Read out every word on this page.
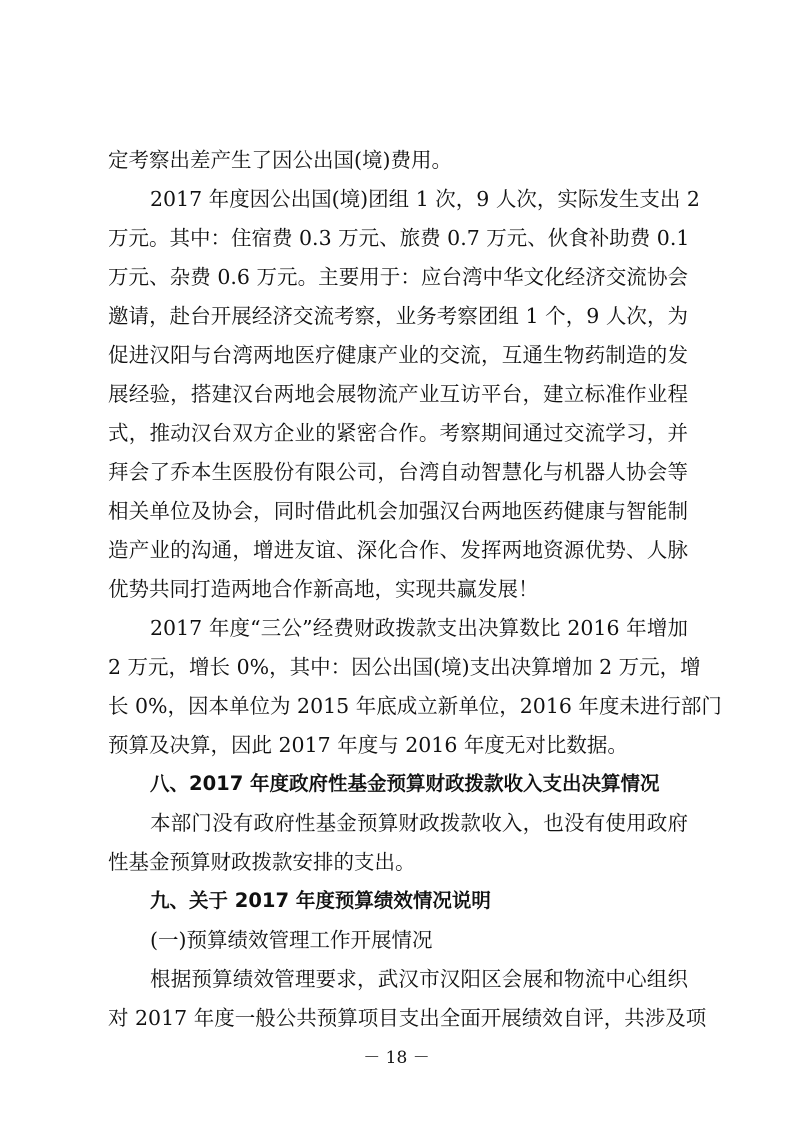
定考察出差产生了因公出国(境)费用。
2017 年度因公出国(境)团组 1 次，9 人次，实际发生支出 2
万元。其中：住宿费 0.3 万元、旅费 0.7 万元、伙食补助费 0.1
万元、杂费 0.6 万元。主要用于：应台湾中华文化经济交流协会
邀请，赴台开展经济交流考察，业务考察团组 1 个，9 人次，为
促进汉阳与台湾两地医疗健康产业的交流，互通生物药制造的发
展经验，搭建汉台两地会展物流产业互访平台，建立标准作业程
式，推动汉台双方企业的紧密合作。考察期间通过交流学习，并
拜会了乔本生医股份有限公司，台湾自动智慧化与机器人协会等
相关单位及协会，同时借此机会加强汉台两地医药健康与智能制
造产业的沟通，增进友谊、深化合作、发挥两地资源优势、人脉
优势共同打造两地合作新高地，实现共赢发展！
2017 年度“三公”经费财政拨款支出决算数比 2016 年增加
2 万元，增长 0%，其中：因公出国(境)支出决算增加 2 万元，增
长 0%，因本单位为 2015 年底成立新单位，2016 年度未进行部门
预算及决算，因此 2017 年度与 2016 年度无对比数据。
八、2017 年度政府性基金预算财政拨款收入支出决算情况
本部门没有政府性基金预算财政拨款收入，也没有使用政府
性基金预算财政拨款安排的支出。
九、关于 2017 年度预算绩效情况说明
(一)预算绩效管理工作开展情况
根据预算绩效管理要求，武汉市汉阳区会展和物流中心组织
对 2017 年度一般公共预算项目支出全面开展绩效自评，共涉及项
－ 18 －
